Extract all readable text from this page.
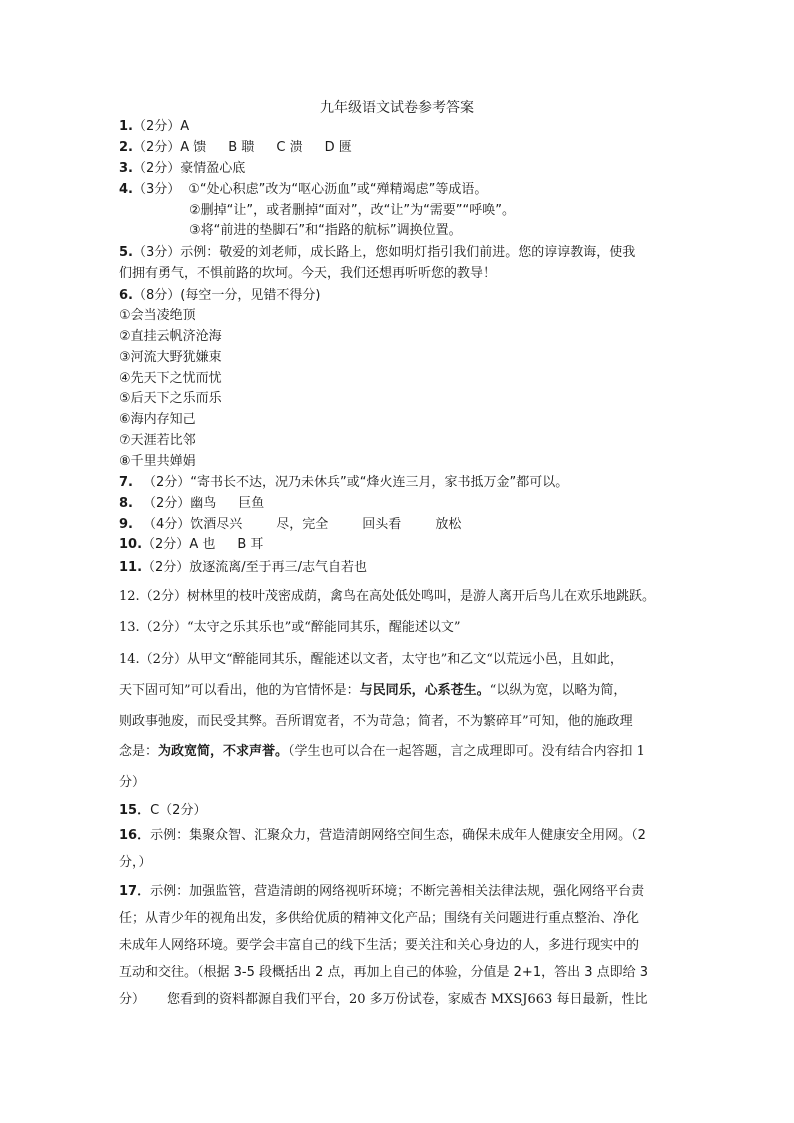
九年级语文试卷参考答案
1.（2分）A
2.（2分）A 馈 B 聩 C 溃 D 匮
3.（2分）豪情盈心底
4.（3分） ①“处心积虑”改为“呕心沥血”或“殚精竭虑”等成语。
②删掉“让”，或者删掉“面对”，改“让”为“需要”“呼唤”。
③将“前进的垫脚石”和“指路的航标”调换位置。
5.（3分）示例：敬爱的刘老师，成长路上，您如明灯指引我们前进。您的谆谆教诲，使我
们拥有勇气，不惧前路的坎坷。今天，我们还想再听听您的教导！
6.（8分）(每空一分，见错不得分)
①会当凌绝顶
②直挂云帆济沧海
③河流大野犹嫌束
④先天下之忧而忧
⑤后天下之乐而乐
⑥海内存知己
⑦天涯若比邻
⑧千里共婵娟
7. （2分）“寄书长不达，况乃未休兵”或“烽火连三月，家书抵万金”都可以。
8. （2分）幽鸟 巨鱼
9. （4分）饮酒尽兴	尽，完全	回头看	放松
10.（2分）A 也 B 耳
11.（2分）放逐流离/至于再三/志气自若也
12.（2分）树林里的枝叶茂密成荫，禽鸟在高处低处鸣叫，是游人离开后鸟儿在欢乐地跳跃。
13.（2分）“太守之乐其乐也”或“醉能同其乐，醒能述以文”
14.（2分）从甲文“醉能同其乐，醒能述以文者，太守也”和乙文“以荒远小邑，且如此，
天下固可知”可以看出，他的为官情怀是：与民同乐，心系苍生。“以纵为宽，以略为简，
则政事弛废，而民受其弊。吾所谓宽者，不为苛急；简者，不为繁碎耳”可知，他的施政理
念是：为政宽简，不求声誉。（学生也可以合在一起答题，言之成理即可。没有结合内容扣 1
分）
15．C（2分）
16．示例：集聚众智、汇聚众力，营造清朗网络空间生态，确保未成年人健康安全用网。（2
分，）
17．示例：加强监管，营造清朗的网络视听环境；不断完善相关法律法规，强化网络平台责
任；从青少年的视角出发，多供给优质的精神文化产品；围绕有关问题进行重点整治、净化
未成年人网络环境。要学会丰富自己的线下生活；要关注和关心身边的人，多进行现实中的
互动和交往。（根据 3-5 段概括出 2 点，再加上自己的体验，分值是 2+1，答出 3 点即给 3
分） 您看到的资料都源自我们平台，20 多万份试卷，家威杏 MXSJ663 每日最新，性比
